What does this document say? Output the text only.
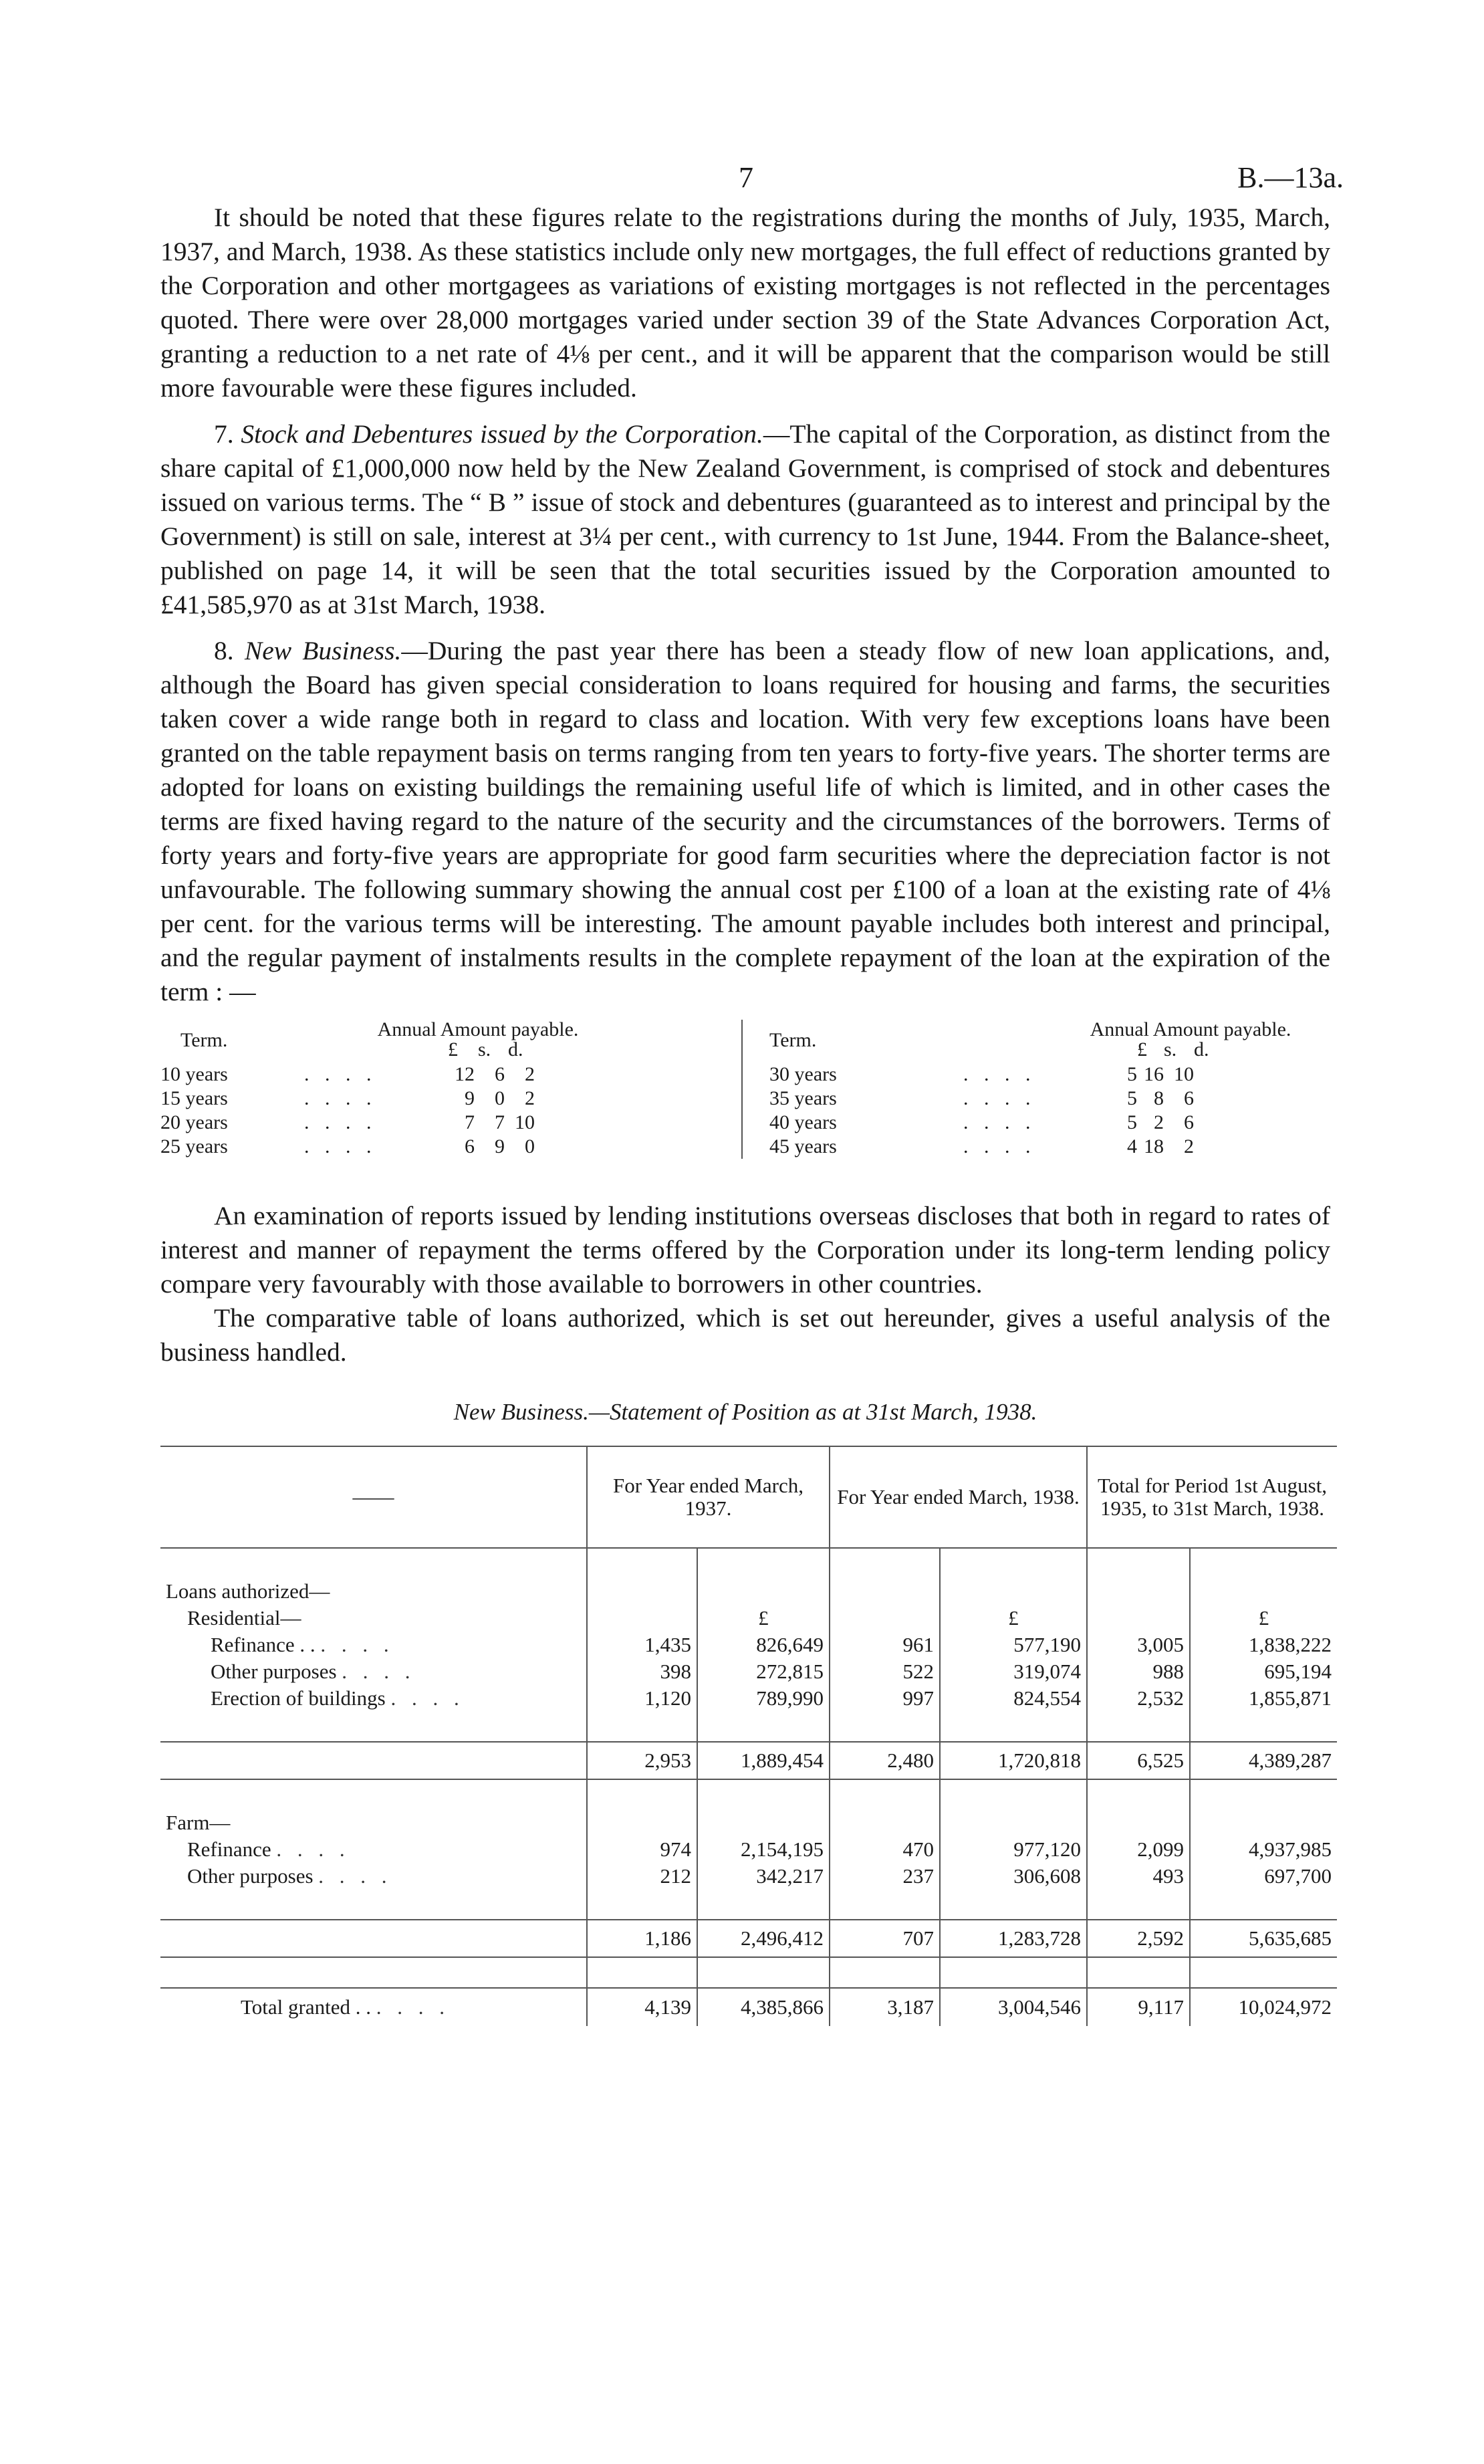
7	B.—13a.

It should be noted that these figures relate to the registrations during the months of July, 1935, March, 1937, and March, 1938. As these statistics include only new mortgages, the full effect of reductions granted by the Corporation and other mortgagees as variations of existing mortgages is not reflected in the percentages quoted. There were over 28,000 mortgages varied under section 39 of the State Advances Corporation Act, granting a reduction to a net rate of 4⅛ per cent., and it will be apparent that the comparison would be still more favourable were these figures included.

7. Stock and Debentures issued by the Corporation.—The capital of the Corporation, as distinct from the share capital of £1,000,000 now held by the New Zealand Government, is comprised of stock and debentures issued on various terms. The “ B ” issue of stock and debentures (guaranteed as to interest and principal by the Government) is still on sale, interest at 3¼ per cent., with currency to 1st June, 1944. From the Balance-sheet, published on page 14, it will be seen that the total securities issued by the Corporation amounted to £41,585,970 as at 31st March, 1938.

8. New Business.—During the past year there has been a steady flow of new loan applications, and, although the Board has given special consideration to loans required for housing and farms, the securities taken cover a wide range both in regard to class and location. With very few exceptions loans have been granted on the table repayment basis on terms ranging from ten years to forty-five years. The shorter terms are adopted for loans on existing buildings the remaining useful life of which is limited, and in other cases the terms are fixed having regard to the nature of the security and the circumstances of the borrowers. Terms of forty years and forty-five years are appropriate for good farm securities where the depreciation factor is not unfavourable. The following summary showing the annual cost per £100 of a loan at the existing rate of 4⅛ per cent. for the various terms will be interesting. The amount payable includes both interest and principal, and the regular payment of instalments results in the complete repayment of the loan at the expiration of the term : —

Term.	Annual Amount payable.
£ s. d.
10 years	. . . .	12	6	2
15 years	. . . .	9	0	2
20 years	. . . .	7	7 10
25 years	. . . .	6	9	0
Term.	Annual Amount payable.
£ s. d.
30 years	. . . .	5 16 10
35 years	. . . .	5 8	6
40 years	. . . .	5 2	6
45 years	. . . .	4 18	2

An examination of reports issued by lending institutions overseas discloses that both in regard to rates of interest and manner of repayment the terms offered by the Corporation under its long-term lending policy compare very favourably with those available to borrowers in other countries.

The comparative table of loans authorized, which is set out hereunder, gives a useful analysis of the business handled.

New Business.—Statement of Position as at 31st March, 1938.
——	For Year ended March, 1937.		For Year ended March, 1938.		Total for Period 1st August, 1935, to 31st March, 1938.	

Loans authorized—						
Residential—		£		£		£
Refinance . . . . . .	1,435	826,649	961	577,190	3,005	1,838,222
Other purposes . . . .	398	272,815	522	319,074	988	695,194
Erection of buildings . . . .	1,120	789,990	997	824,554	2,532	1,855,871

	2,953	1,889,454	2,480	1,720,818	6,525	4,389,287

Farm—						
Refinance . . . .	974	2,154,195	470	977,120	2,099	4,937,985
Other purposes . . . .	212	342,217	237	306,608	493	697,700

	1,186	2,496,412	707	1,283,728	2,592	5,635,685

Total granted . . . . . .	4,139	4,385,866	3,187	3,004,546	9,117	10,024,972
